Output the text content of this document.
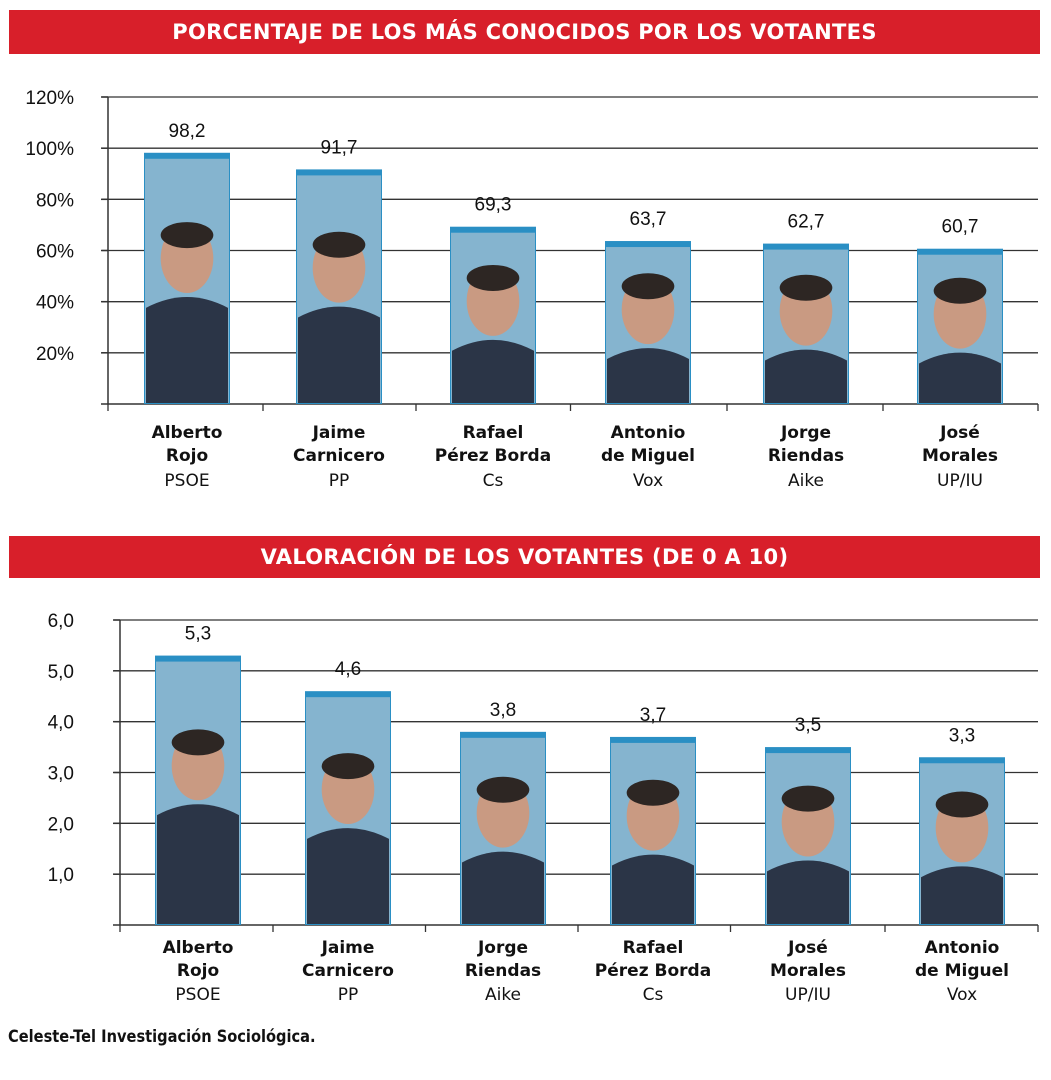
PORCENTAJE DE LOS MÁS CONOCIDOS POR LOS VOTANTES
VALORACIÓN DE LOS VOTANTES (DE 0 A 10)
20%
40%
60%
80%
100%
120%
98,2
Alberto
Rojo
PSOE
91,7
Jaime
Carnicero
PP
69,3
Rafael
Pérez Borda
Cs
63,7
Antonio
de Miguel
Vox
62,7
Jorge
Riendas
Aike
60,7
José
Morales
UP/IU
1,0
2,0
3,0
4,0
5,0
6,0
5,3
Alberto
Rojo
PSOE
4,6
Jaime
Carnicero
PP
3,8
Jorge
Riendas
Aike
3,7
Rafael
Pérez Borda
Cs
3,5
José
Morales
UP/IU
3,3
Antonio
de Miguel
Vox
Celeste-Tel Investigación Sociológica.
